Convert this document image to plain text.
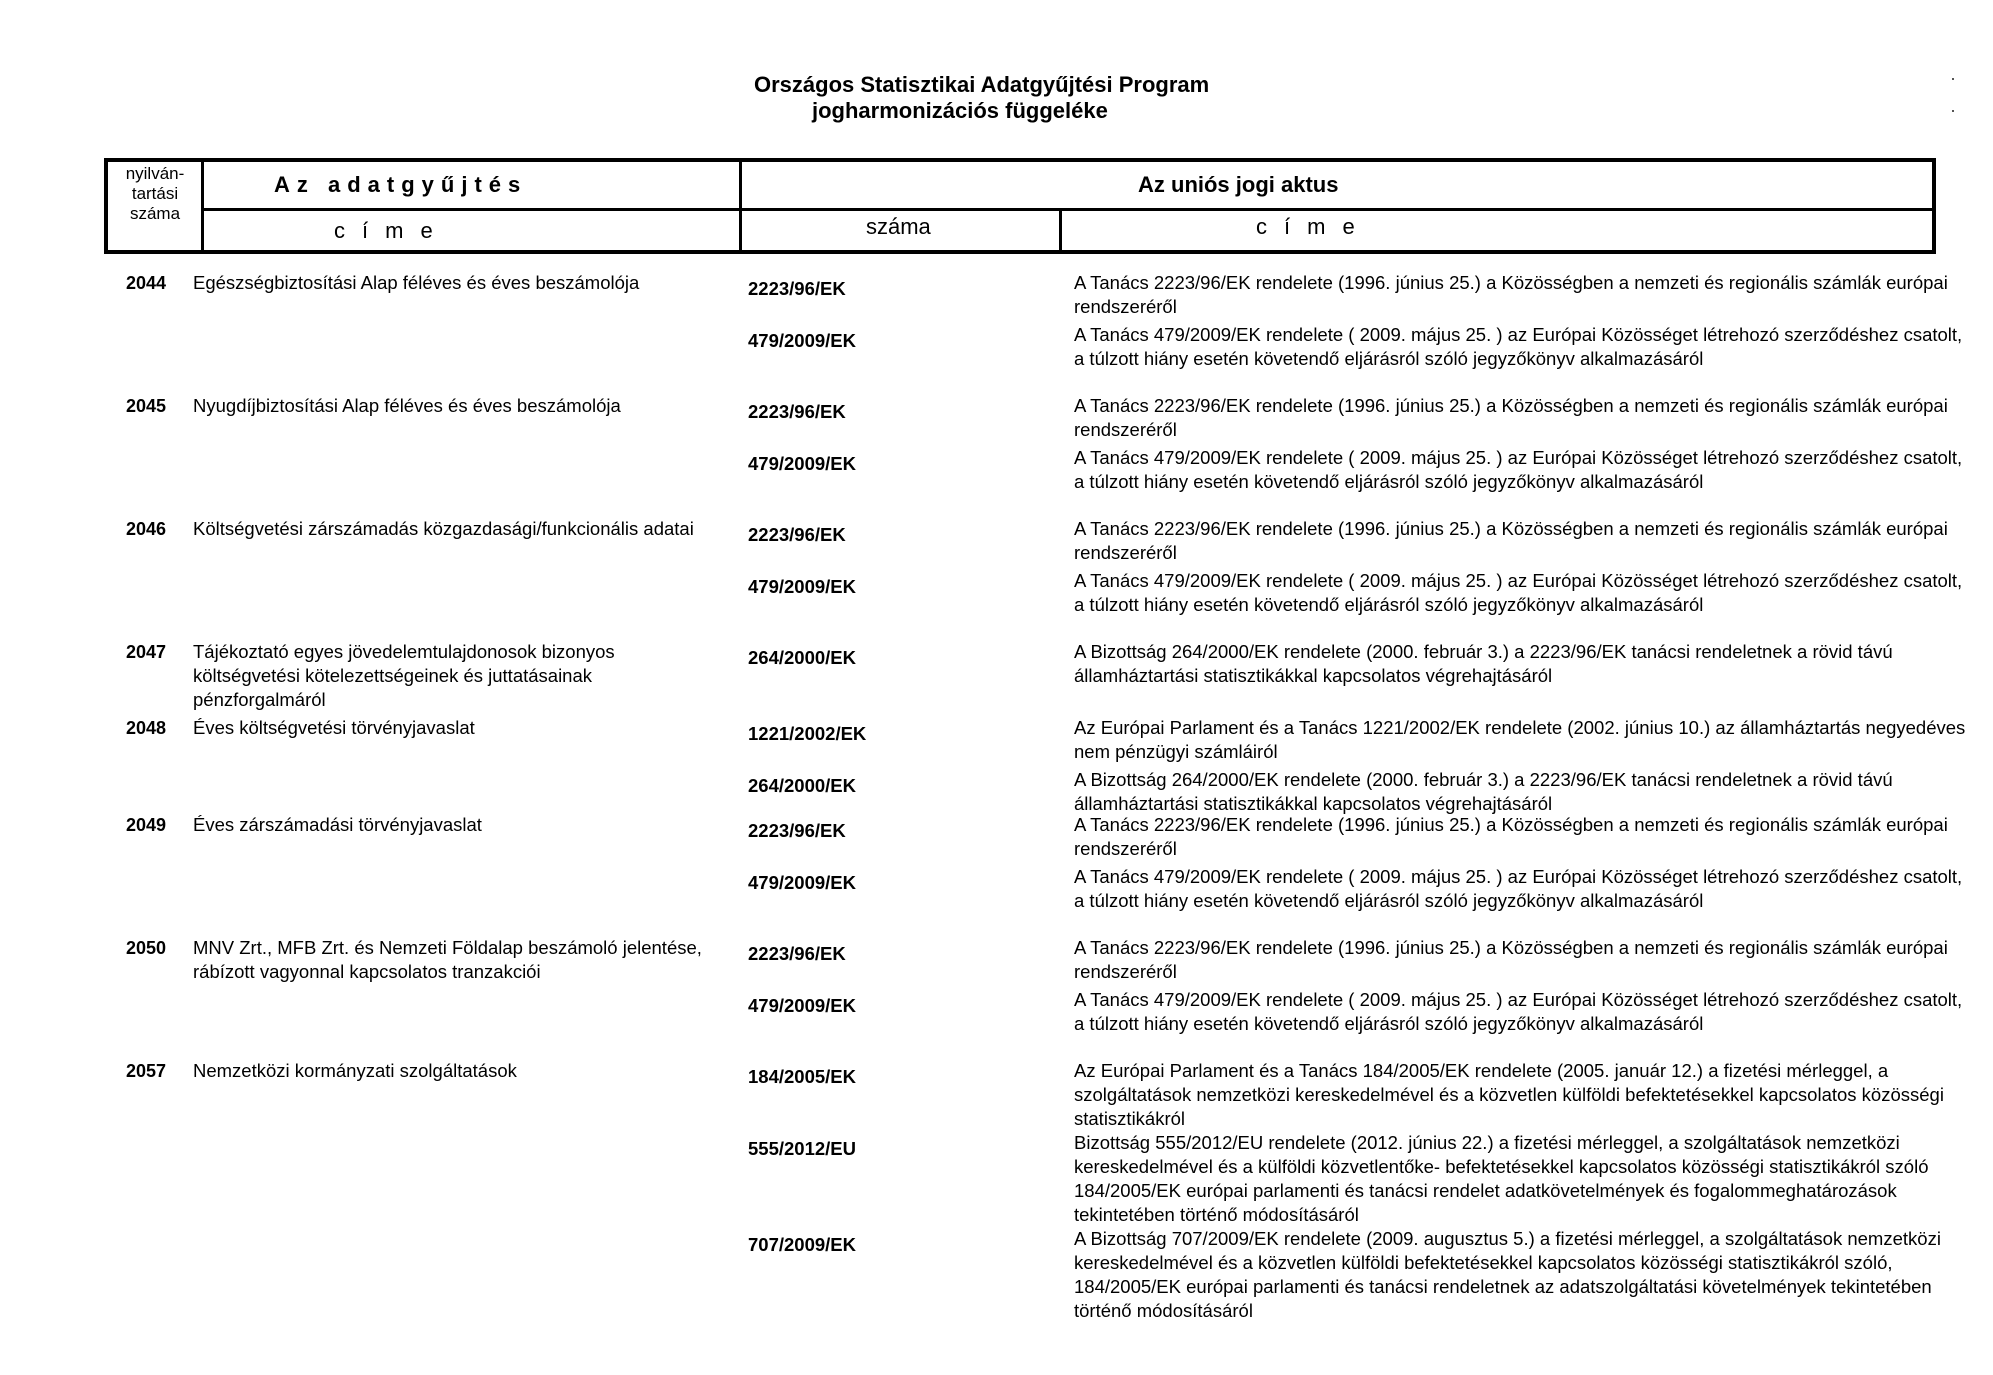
Országos Statisztikai Adatgyűjtési Program
jogharmonizációs függeléke
nyilván-
tartási
száma
Az adatgyűjtés	Az uniós jogi aktus
címe	száma	címe
2044 Egészségbiztosítási Alap féléves és éves beszámolója	2223/96/EK	A Tanács 2223/96/EK rendelete (1996. június 25.) a Közösségben a nemzeti és regionális számlák európai rendszeréről
479/2009/EK	A Tanács 479/2009/EK rendelete ( 2009. május 25. ) az Európai Közösséget létrehozó szerződéshez csatolt, a túlzott hiány esetén követendő eljárásról szóló jegyzőkönyv alkalmazásáról
2045 Nyugdíjbiztosítási Alap féléves és éves beszámolója	2223/96/EK	A Tanács 2223/96/EK rendelete (1996. június 25.) a Közösségben a nemzeti és regionális számlák európai rendszeréről
479/2009/EK	A Tanács 479/2009/EK rendelete ( 2009. május 25. ) az Európai Közösséget létrehozó szerződéshez csatolt, a túlzott hiány esetén követendő eljárásról szóló jegyzőkönyv alkalmazásáról
2046 Költségvetési zárszámadás közgazdasági/funkcionális adatai	2223/96/EK	A Tanács 2223/96/EK rendelete (1996. június 25.) a Közösségben a nemzeti és regionális számlák európai rendszeréről
479/2009/EK	A Tanács 479/2009/EK rendelete ( 2009. május 25. ) az Európai Közösséget létrehozó szerződéshez csatolt, a túlzott hiány esetén követendő eljárásról szóló jegyzőkönyv alkalmazásáról
2047 Tájékoztató egyes jövedelemtulajdonosok bizonyos költségvetési kötelezettségeinek és juttatásainak pénzforgalmáról
264/2000/EK	A Bizottság 264/2000/EK rendelete (2000. február 3.) a 2223/96/EK tanácsi rendeletnek a rövid távú államháztartási statisztikákkal kapcsolatos végrehajtásáról
2048 Éves költségvetési törvényjavaslat	1221/2002/EK	Az Európai Parlament és a Tanács 1221/2002/EK rendelete (2002. június 10.) az államháztartás negyedéves nem pénzügyi számláiról
264/2000/EK	A Bizottság 264/2000/EK rendelete (2000. február 3.) a 2223/96/EK tanácsi rendeletnek a rövid távú államháztartási statisztikákkal kapcsolatos végrehajtásáról
2049 Éves zárszámadási törvényjavaslat	2223/96/EK	A Tanács 2223/96/EK rendelete (1996. június 25.) a Közösségben a nemzeti és regionális számlák európai rendszeréről
479/2009/EK	A Tanács 479/2009/EK rendelete ( 2009. május 25. ) az Európai Közösséget létrehozó szerződéshez csatolt, a túlzott hiány esetén követendő eljárásról szóló jegyzőkönyv alkalmazásáról
2050 MNV Zrt., MFB Zrt. és Nemzeti Földalap beszámoló jelentése, rábízott vagyonnal kapcsolatos tranzakciói
2223/96/EK	A Tanács 2223/96/EK rendelete (1996. június 25.) a Közösségben a nemzeti és regionális számlák európai rendszeréről
479/2009/EK	A Tanács 479/2009/EK rendelete ( 2009. május 25. ) az Európai Közösséget létrehozó szerződéshez csatolt, a túlzott hiány esetén követendő eljárásról szóló jegyzőkönyv alkalmazásáról
2057 Nemzetközi kormányzati szolgáltatások	184/2005/EK	Az Európai Parlament és a Tanács 184/2005/EK rendelete (2005. január 12.) a fizetési mérleggel, a szolgáltatások nemzetközi kereskedelmével és a közvetlen külföldi befektetésekkel kapcsolatos közösségi statisztikákról
555/2012/EU	Bizottság 555/2012/EU rendelete (2012. június 22.) a fizetési mérleggel, a szolgáltatások nemzetközi kereskedelmével és a külföldi közvetlentőke- befektetésekkel kapcsolatos közösségi statisztikákról szóló 184/2005/EK európai parlamenti és tanácsi rendelet adatkövetelmények és fogalommeghatározások tekintetében történő módosításáról
707/2009/EK	A Bizottság 707/2009/EK rendelete (2009. augusztus 5.) a fizetési mérleggel, a szolgáltatások nemzetközi kereskedelmével és a közvetlen külföldi befektetésekkel kapcsolatos közösségi statisztikákról szóló, 184/2005/EK európai parlamenti és tanácsi rendeletnek az adatszolgáltatási követelmények tekintetében történő módosításáról
